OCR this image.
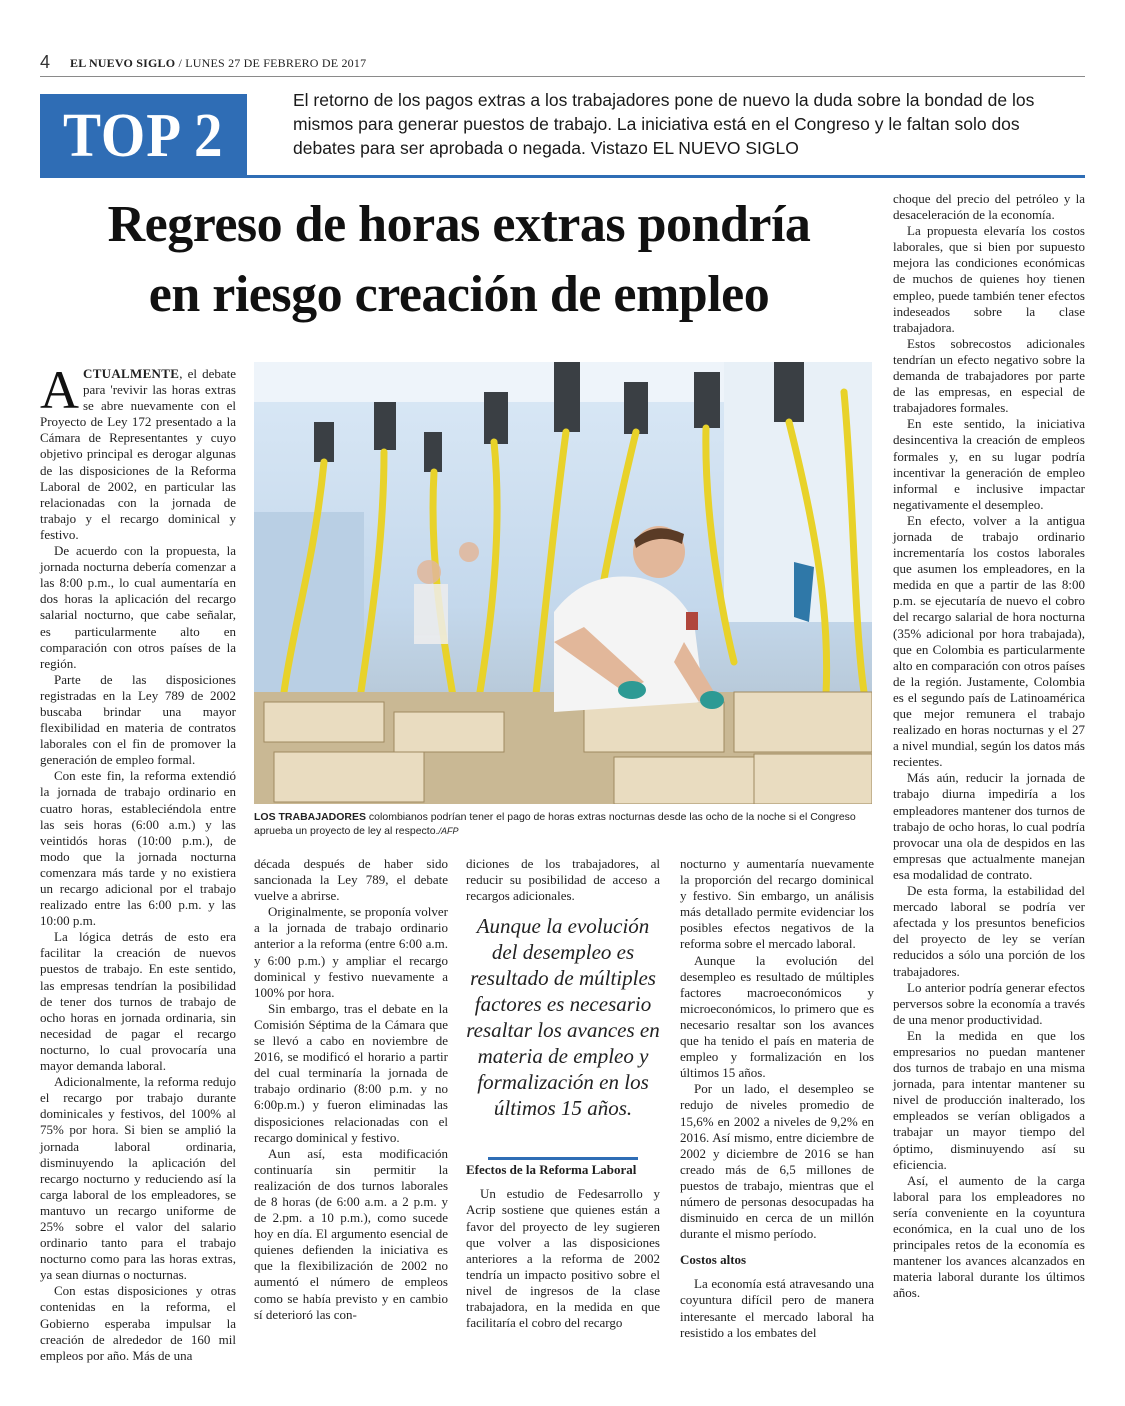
4 EL NUEVO SIGLO / LUNES 27 DE FEBRERO DE 2017
TOP 2
El retorno de los pagos extras a los trabajadores pone de nuevo la duda sobre la bondad de los mismos para generar puestos de trabajo. La iniciativa está en el Congreso y le faltan solo dos debates para ser aprobada o negada. Vistazo EL NUEVO SIGLO
Regreso de horas extras pondría
en riesgo creación de empleo

ACTUALMENTE, el debate para 'revivir las horas extras se abre nuevamente con el Proyecto de Ley 172 presentado a la Cámara de Representantes y cuyo objetivo principal es derogar algunas de las disposiciones de la Reforma Laboral de 2002, en particular las relacionadas con la jornada de trabajo y el recargo dominical y festivo.

De acuerdo con la propuesta, la jornada nocturna debería comenzar a las 8:00 p.m., lo cual aumentaría en dos horas la aplicación del recargo salarial nocturno, que cabe señalar, es particularmente alto en comparación con otros países de la región.

Parte de las disposiciones registradas en la Ley 789 de 2002 buscaba brindar una mayor flexibilidad en materia de contratos laborales con el fin de promover la generación de empleo formal.

Con este fin, la reforma extendió la jornada de trabajo ordinario en cuatro horas, estableciéndola entre las seis horas (6:00 a.m.) y las veintidós horas (10:00 p.m.), de modo que la jornada nocturna comenzara más tarde y no existiera un recargo adicional por el trabajo realizado entre las 6:00 p.m. y las 10:00 p.m.

La lógica detrás de esto era facilitar la creación de nuevos puestos de trabajo. En este sentido, las empresas tendrían la posibilidad de tener dos turnos de trabajo de ocho horas en jornada ordinaria, sin necesidad de pagar el recargo nocturno, lo cual provocaría una mayor demanda laboral.

Adicionalmente, la reforma redujo el recargo por trabajo durante dominicales y festivos, del 100% al 75% por hora. Si bien se amplió la jornada laboral ordinaria, disminuyendo la aplicación del recargo nocturno y reduciendo así la carga laboral de los empleadores, se mantuvo un recargo uniforme de 25% sobre el valor del salario ordinario tanto para el trabajo nocturno como para las horas extras, ya sean diurnas o nocturnas.

Con estas disposiciones y otras contenidas en la reforma, el Gobierno esperaba impulsar la creación de alrededor de 160 mil empleos por año. Más de una

LOS TRABAJADORES colombianos podrían tener el pago de horas extras nocturnas desde las ocho de la noche si el Congreso aprueba un proyecto de ley al respecto./AFP

década después de haber sido sancionada la Ley 789, el debate vuelve a abrirse.

Originalmente, se proponía volver a la jornada de trabajo ordinario anterior a la reforma (entre 6:00 a.m. y 6:00 p.m.) y ampliar el recargo dominical y festivo nuevamente a 100% por hora.

Sin embargo, tras el debate en la Comisión Séptima de la Cámara que se llevó a cabo en noviembre de 2016, se modificó el horario a partir del cual terminaría la jornada de trabajo ordinario (8:00 p.m. y no 6:00p.m.) y fueron eliminadas las disposiciones relacionadas con el recargo dominical y festivo.

Aun así, esta modificación continuaría sin permitir la realización de dos turnos laborales de 8 horas (de 6:00 a.m. a 2 p.m. y de 2.pm. a 10 p.m.), como sucede hoy en día. El argumento esencial de quienes defienden la iniciativa es que la flexibilización de 2002 no aumentó el número de empleos como se había previsto y en cambio sí deterioró las con-

diciones de los trabajadores, al reducir su posibilidad de acceso a recargos adicionales.

Efectos de la Reforma Laboral

Un estudio de Fedesarrollo y Acrip sostiene que quienes están a favor del proyecto de ley sugieren que volver a las disposiciones anteriores a la reforma de 2002 tendría un impacto positivo sobre el nivel de ingresos de la clase trabajadora, en la medida en que facilitaría el cobro del recargo

Aunque la evolución del desempleo es resultado de múltiples factores es necesario resaltar los avances en materia de empleo y formalización en los últimos 15 años.

nocturno y aumentaría nuevamente la proporción del recargo dominical y festivo. Sin embargo, un análisis más detallado permite evidenciar los posibles efectos negativos de la reforma sobre el mercado laboral.

Aunque la evolución del desempleo es resultado de múltiples factores macroeconómicos y microeconómicos, lo primero que es necesario resaltar son los avances que ha tenido el país en materia de empleo y formalización en los últimos 15 años.

Por un lado, el desempleo se redujo de niveles promedio de 15,6% en 2002 a niveles de 9,2% en 2016. Así mismo, entre diciembre de 2002 y diciembre de 2016 se han creado más de 6,5 millones de puestos de trabajo, mientras que el número de personas desocupadas ha disminuido en cerca de un millón durante el mismo período.

Costos altos

La economía está atravesando una coyuntura difícil pero de manera interesante el mercado laboral ha resistido a los embates del

choque del precio del petróleo y la desaceleración de la economía.

La propuesta elevaría los costos laborales, que si bien por supuesto mejora las condiciones económicas de muchos de quienes hoy tienen empleo, puede también tener efectos indeseados sobre la clase trabajadora.

Estos sobrecostos adicionales tendrían un efecto negativo sobre la demanda de trabajadores por parte de las empresas, en especial de trabajadores formales.

En este sentido, la iniciativa desincentiva la creación de empleos formales y, en su lugar podría incentivar la generación de empleo informal e inclusive impactar negativamente el desempleo.

En efecto, volver a la antigua jornada de trabajo ordinario incrementaría los costos laborales que asumen los empleadores, en la medida en que a partir de las 8:00 p.m. se ejecutaría de nuevo el cobro del recargo salarial de hora nocturna (35% adicional por hora trabajada), que en Colombia es particularmente alto en comparación con otros países de la región. Justamente, Colombia es el segundo país de Latinoamérica que mejor remunera el trabajo realizado en horas nocturnas y el 27 a nivel mundial, según los datos más recientes.

Más aún, reducir la jornada de trabajo diurna impediría a los empleadores mantener dos turnos de trabajo de ocho horas, lo cual podría provocar una ola de despidos en las empresas que actualmente manejan esa modalidad de contrato.

De esta forma, la estabilidad del mercado laboral se podría ver afectada y los presuntos beneficios del proyecto de ley se verían reducidos a sólo una porción de los trabajadores.

Lo anterior podría generar efectos perversos sobre la economía a través de una menor productividad.

En la medida en que los empresarios no puedan mantener dos turnos de trabajo en una misma jornada, para intentar mantener su nivel de producción inalterado, los empleados se verían obligados a trabajar un mayor tiempo del óptimo, disminuyendo así su eficiencia.

Así, el aumento de la carga laboral para los empleadores no sería conveniente en la coyuntura económica, en la cual uno de los principales retos de la economía es mantener los avances alcanzados en materia laboral durante los últimos años.
